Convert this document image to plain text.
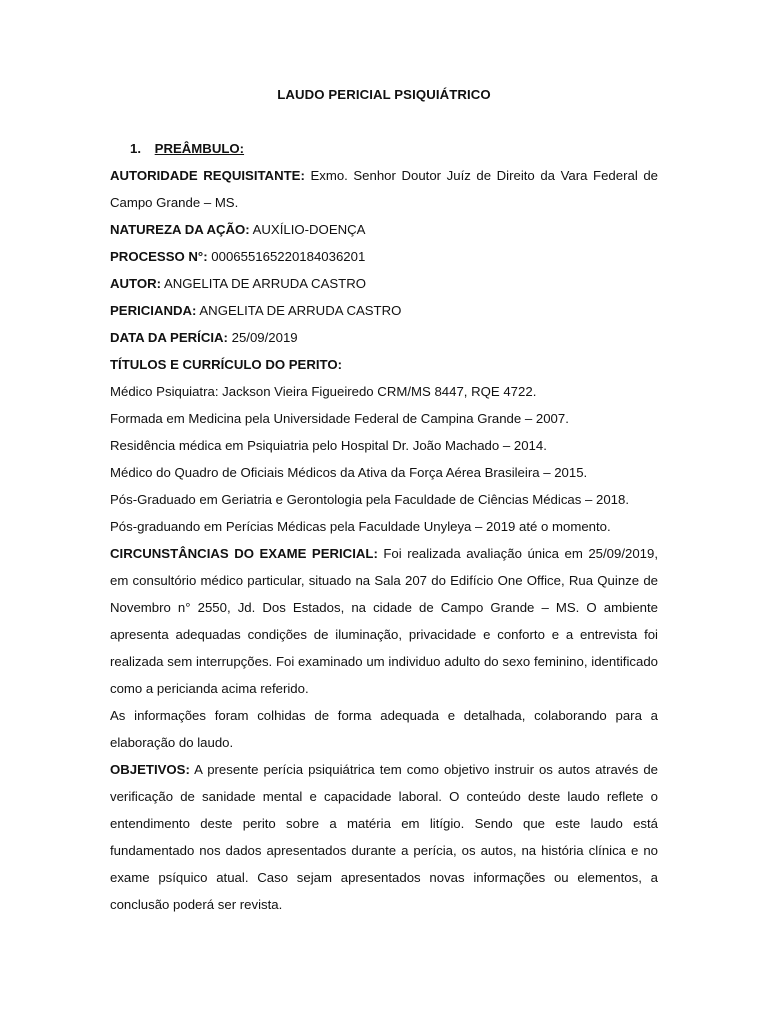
LAUDO PERICIAL PSIQUIÁTRICO
1. PREÂMBULO:

AUTORIDADE REQUISITANTE: Exmo. Senhor Doutor Juíz de Direito da Vara Federal de Campo Grande – MS.

NATUREZA DA AÇÃO: AUXÍLIO-DOENÇA

PROCESSO N°: 00065516522018403620​1

AUTOR: ANGELITA DE ARRUDA CASTRO

PERICIANDA: ANGELITA DE ARRUDA CASTRO

DATA DA PERÍCIA: 25/09/2019

TÍTULOS E CURRÍCULO DO PERITO:

Médico Psiquiatra: Jackson Vieira Figueiredo CRM/MS 8447, RQE 4722.

Formada em Medicina pela Universidade Federal de Campina Grande – 2007.

Residência médica em Psiquiatria pelo Hospital Dr. João Machado – 2014.

Médico do Quadro de Oficiais Médicos da Ativa da Força Aérea Brasileira – 2015.

Pós-Graduado em Geriatria e Gerontologia pela Faculdade de Ciências Médicas – 2018.

Pós-graduando em Perícias Médicas pela Faculdade Unyleya – 2019 até o momento.

CIRCUNSTÂNCIAS DO EXAME PERICIAL: Foi realizada avaliação única em 25/09/2019, em consultório médico particular, situado na Sala 207 do Edifício One Office, Rua Quinze de Novembro n° 2550, Jd. Dos Estados, na cidade de Campo Grande – MS. O ambiente apresenta adequadas condições de iluminação, privacidade e conforto e a entrevista foi realizada sem interrupções. Foi examinado um individuo adulto do sexo feminino, identificado como a pericianda acima referido.

As informações foram colhidas de forma adequada e detalhada, colaborando para a elaboração do laudo.

OBJETIVOS: A presente perícia psiquiátrica tem como objetivo instruir os autos através de verificação de sanidade mental e capacidade laboral. O conteúdo deste laudo reflete o entendimento deste perito sobre a matéria em litígio. Sendo que este laudo está fundamentado nos dados apresentados durante a perícia, os autos, na história clínica e no exame psíquico atual. Caso sejam apresentados novas informações ou elementos, a conclusão poderá ser revista.
